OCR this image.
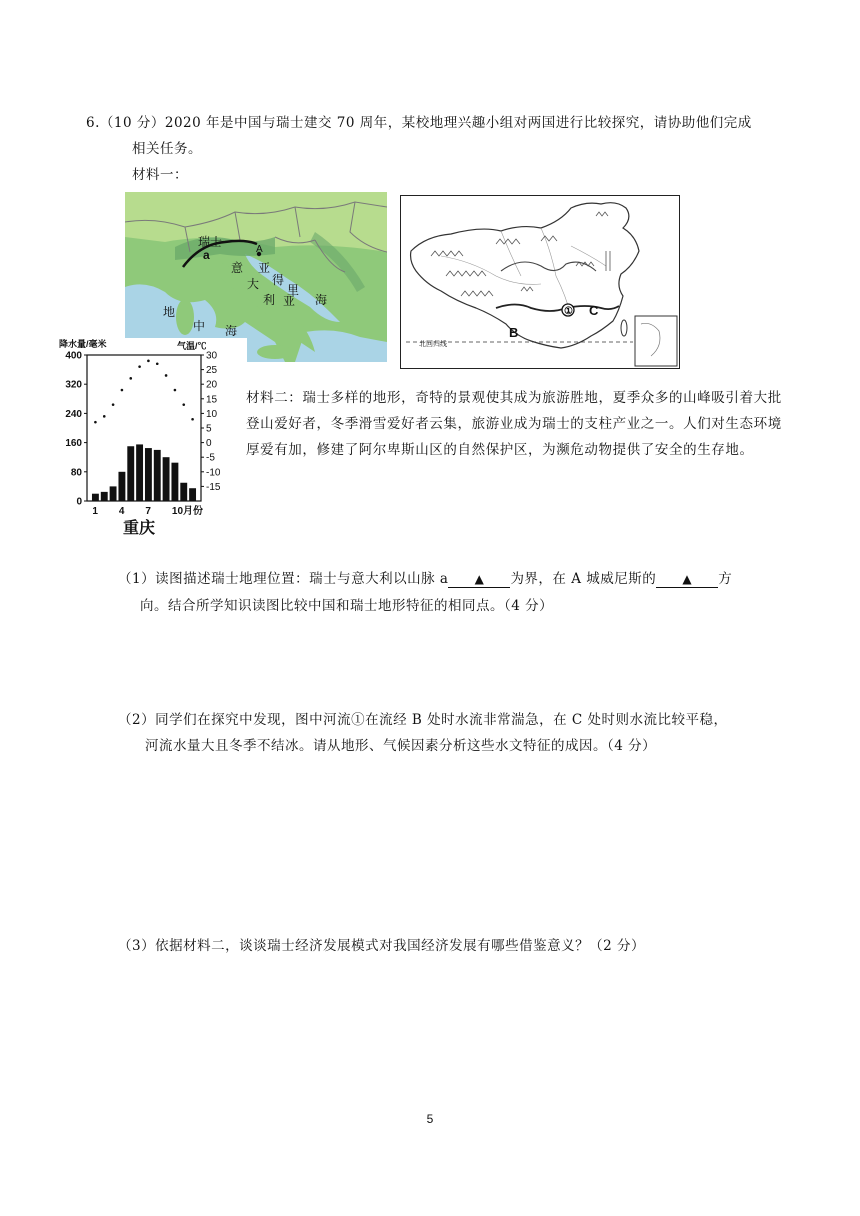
6.（10 分）2020 年是中国与瑞士建交 70 周年，某校地理兴趣小组对两国进行比较探究，请协助他们完成
相关任务。
材料一：
瑞士
a	A
意
大
利
亚
得
里
亚 海
地
中 海
北回归线
① C
B
降水量/毫米	气温/℃
0
80
160
240
320
400
-15
-10
-5
0
5
10
15
20
25
30
1 4 7 10月份
重庆
材料二：瑞士多样的地形，奇特的景观使其成为旅游胜地，夏季众多的山峰吸引着大批登山爱好者，冬季滑雪爱好者云集，旅游业成为瑞士的支柱产业之一。人们对生态环境厚爱有加，修建了阿尔卑斯山区的自然保护区，为濒危动物提供了安全的生存地。
（1）读图描述瑞士地理位置：瑞士与意大利以山脉 a ▲ 为界，在 A 城威尼斯的 ▲ 方
向。结合所学知识读图比较中国和瑞士地形特征的相同点。（4 分）
（2）同学们在探究中发现，图中河流①在流经 B 处时水流非常湍急，在 C 处时则水流比较平稳，
河流水量大且冬季不结冰。请从地形、气候因素分析这些水文特征的成因。（4 分）
（3）依据材料二，谈谈瑞士经济发展模式对我国经济发展有哪些借鉴意义？（2 分）
5
